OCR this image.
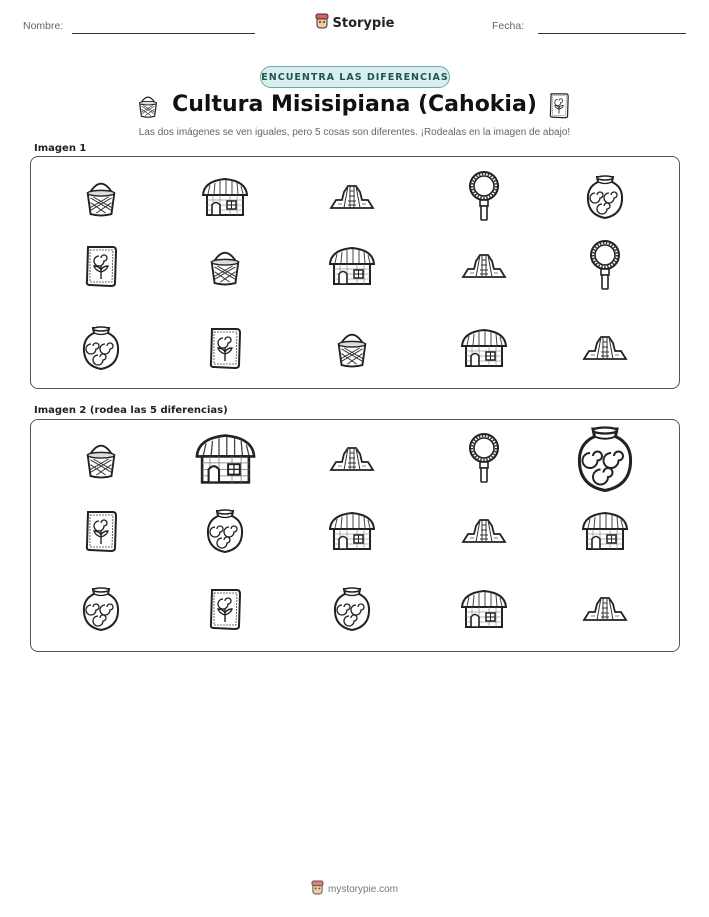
Nombre:	Storypie	Fecha:
ENCUENTRA LAS DIFERENCIAS
Cultura Misisipiana (Cahokia)
Las dos imágenes se ven iguales, pero 5 cosas son diferentes. ¡Rodealas en la imagen de abajo!
Imagen 1
Imagen 2 (rodea las 5 diferencias)
mystorypie.com
